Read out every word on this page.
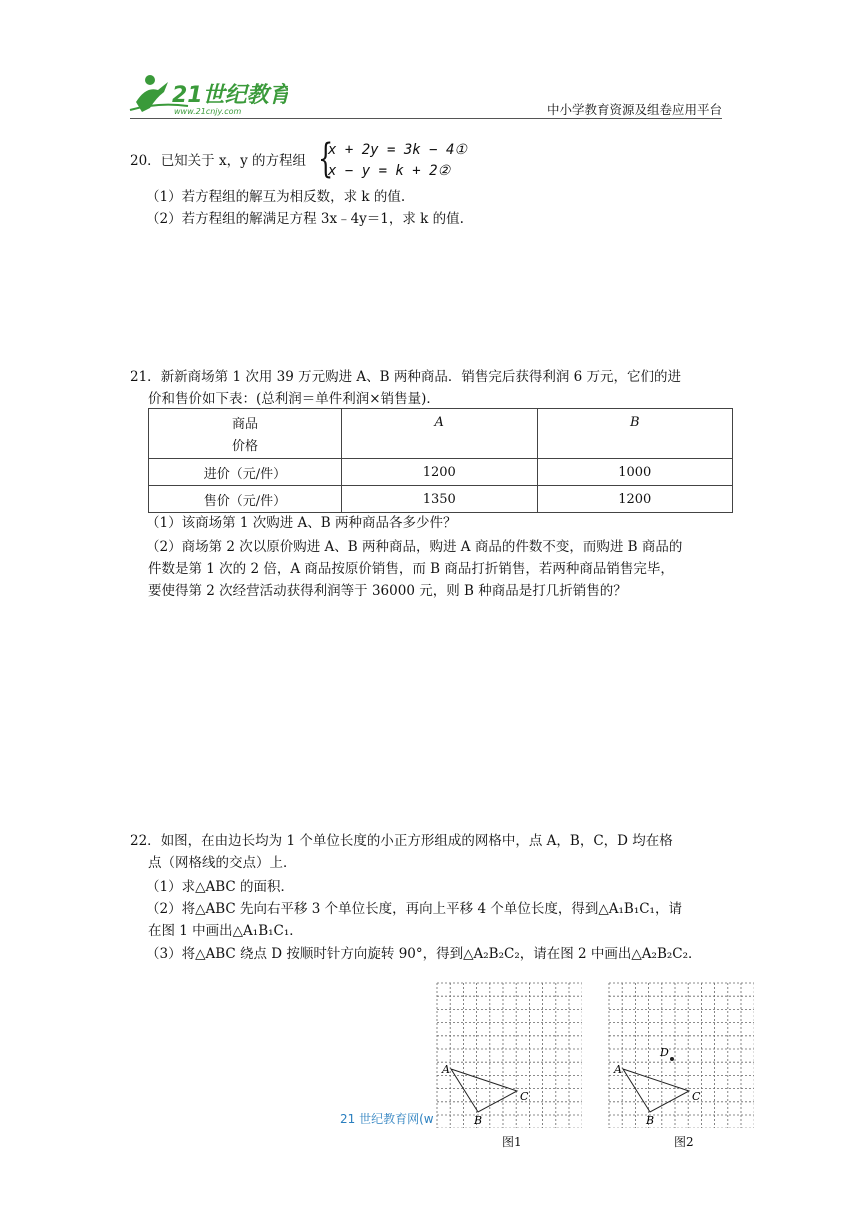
21世纪教育
www.21cnjy.com	中小学教育资源及组卷应用平台
20．已知关于 x，y 的方程组 {
x + 2y = 3k − 4①
x − y = k + 2②
（1）若方程组的解互为相反数，求 k 的值.
（2）若方程组的解满足方程 3x﹣4y＝1，求 k 的值.
21．新新商场第 1 次用 39 万元购进 A、B 两种商品．销售完后获得利润 6 万元，它们的进
价和售价如下表：(总利润＝单件利润×销售量)．
商品
价格	A	B
进价（元/件）	1200	1000
售价（元/件）	1350	1200
（1）该商场第 1 次购进 A、B 两种商品各多少件？
（2）商场第 2 次以原价购进 A、B 两种商品，购进 A 商品的件数不变，而购进 B 商品的
件数是第 1 次的 2 倍，A 商品按原价销售，而 B 商品打折销售，若两种商品销售完毕，
要使得第 2 次经营活动获得利润等于 36000 元，则 B 种商品是打几折销售的？
22．如图，在由边长均为 1 个单位长度的小正方形组成的网格中，点 A，B，C，D 均在格
点（网格线的交点）上．
（1）求△ABC 的面积．
（2）将△ABC 先向右平移 3 个单位长度，再向上平移 4 个单位长度，得到△A₁B₁C₁，请
在图 1 中画出△A₁B₁C₁．
（3）将△ABC 绕点 D 按顺时针方向旋转 90°，得到△A₂B₂C₂，请在图 2 中画出△A₂B₂C₂．
A
B
C
图1
D
A
B
C
图2
21 世纪教育网(w
